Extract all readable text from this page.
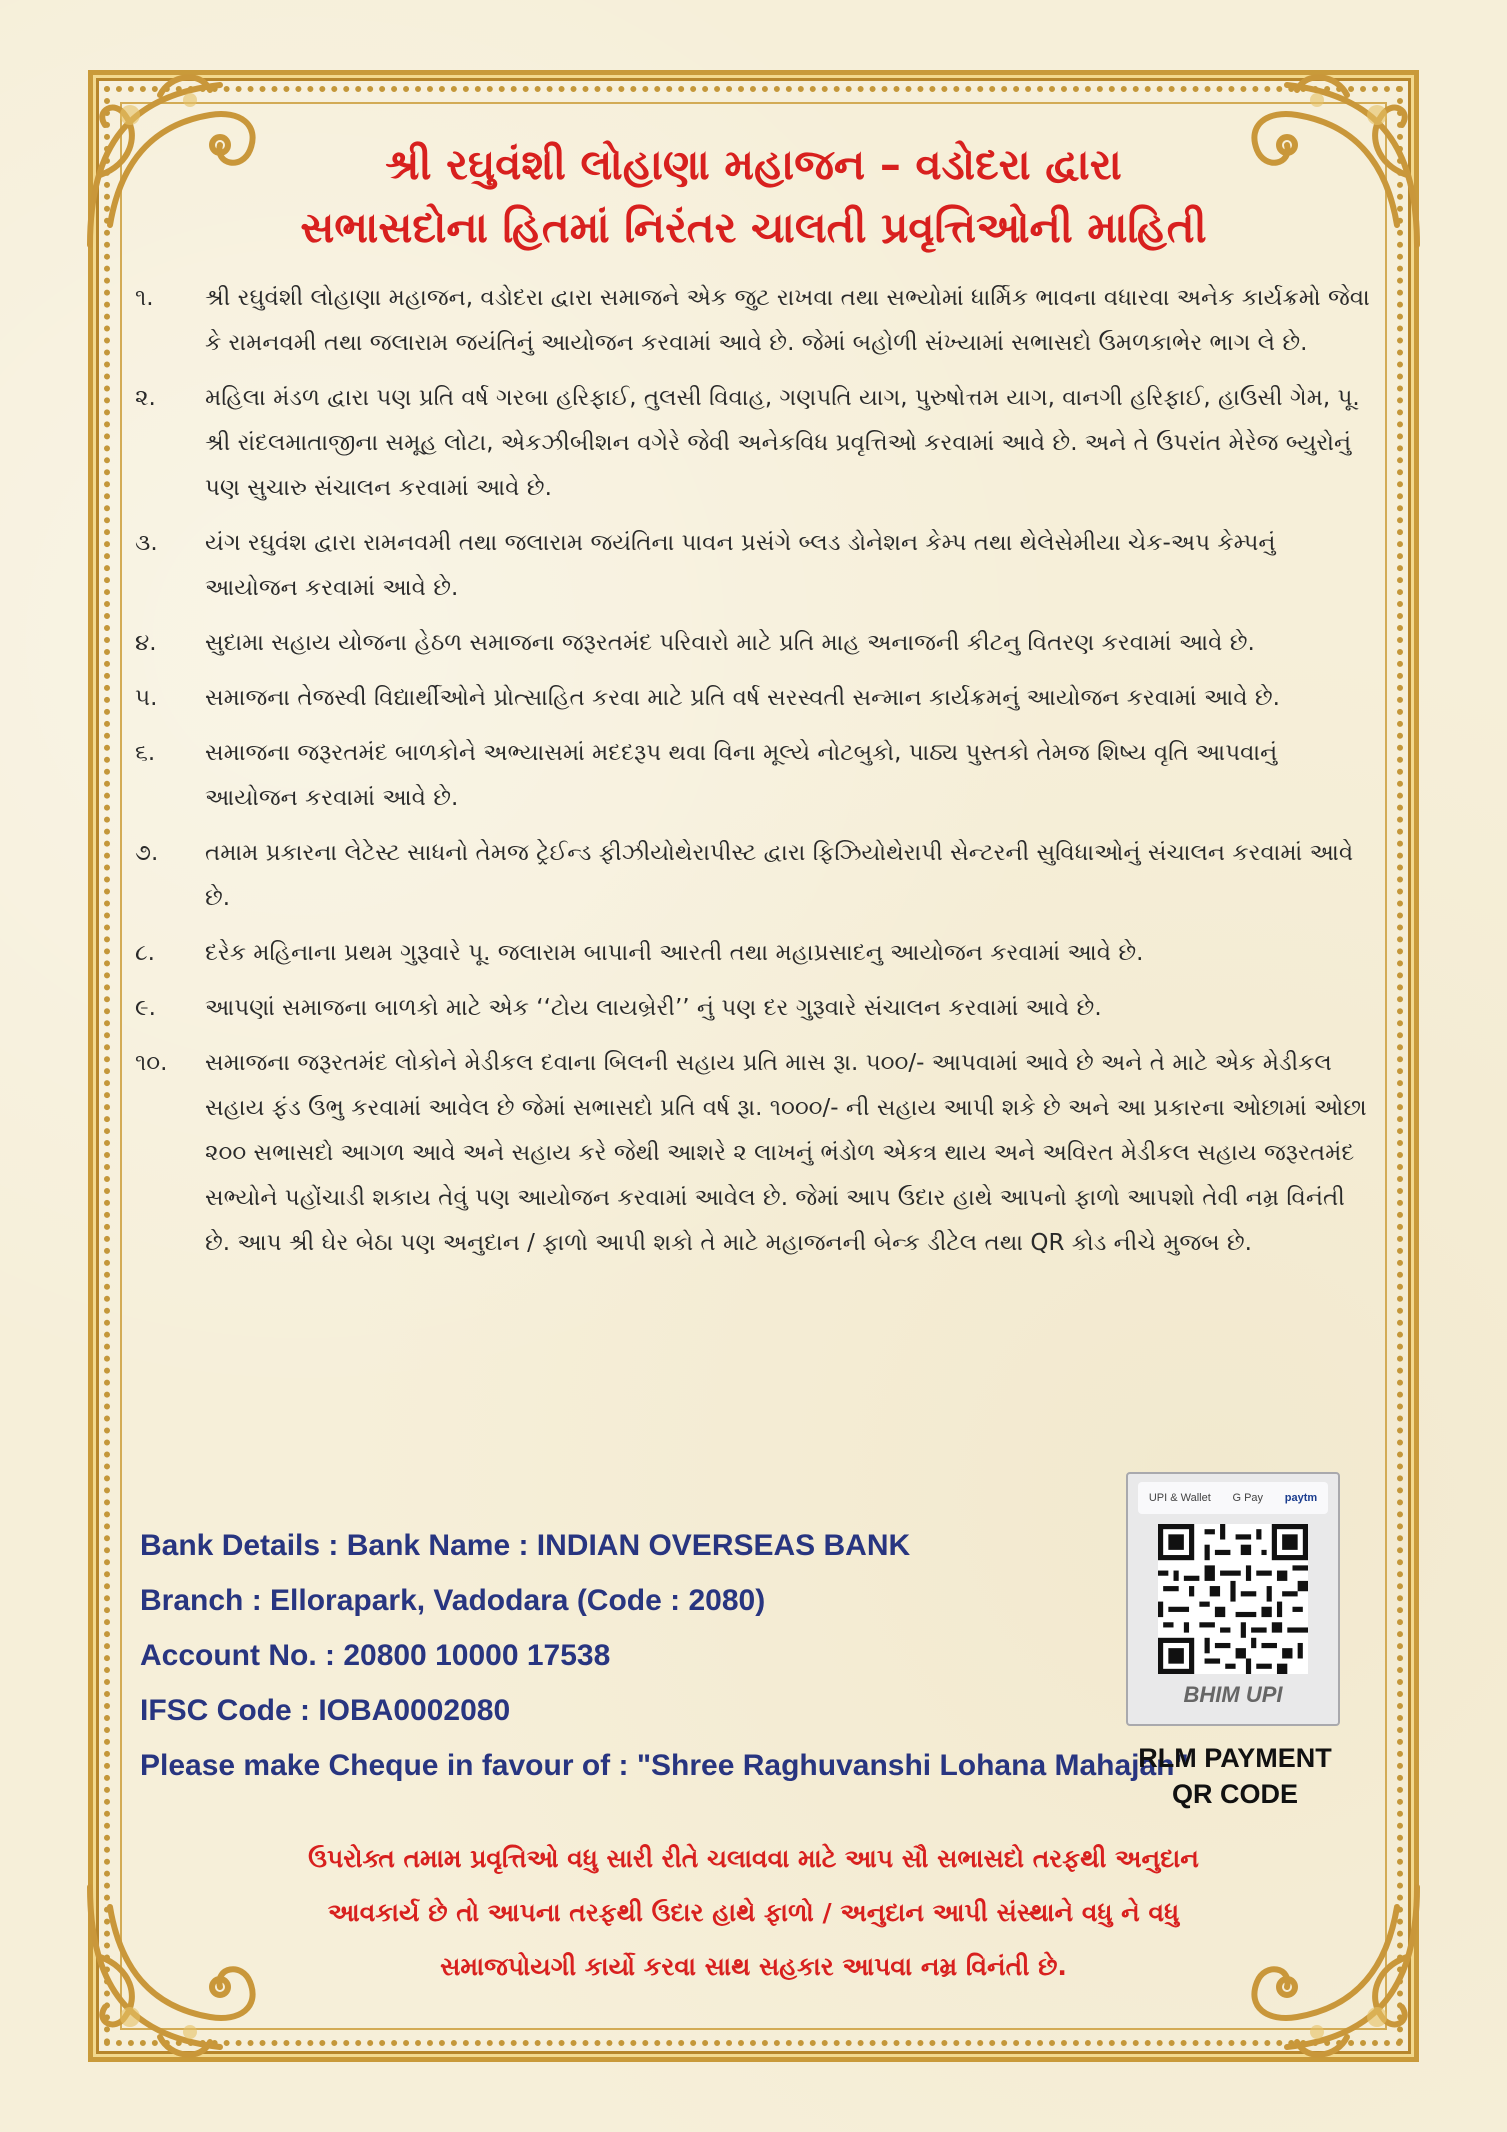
શ્રી રઘુવંશી લોહાણા મહાજન – વડોદરા દ્વારા
સભાસદોના હિતમાં નિરંતર ચાલતી પ્રવૃત્તિઓની માહિતી
૧.	શ્રી રઘુવંશી લોહાણા મહાજન, વડોદરા દ્વારા સમાજને એક જુટ રાખવા તથા સભ્યોમાં ધાર્મિક ભાવના વધારવા અનેક કાર્યક્રમો જેવા કે રામનવમી તથા જલારામ જયંતિનું આયોજન કરવામાં આવે છે. જેમાં બહોળી સંખ્યામાં સભાસદો ઉમળકાભેર ભાગ લે છે.
૨.	મહિલા મંડળ દ્વારા પણ પ્રતિ વર્ષ ગરબા હરિફાઈ, તુલસી વિવાહ, ગણપતિ યાગ, પુરુષોત્તમ યાગ, વાનગી હરિફાઈ, હાઉસી ગેમ, પૂ. શ્રી રાંદલમાતાજીના સમૂહ લોટા, એકઝીબીશન વગેરે જેવી અનેકવિધ પ્રવૃત્તિઓ કરવામાં આવે છે. અને તે ઉપરાંત મેરેજ બ્યુરોનું પણ સુચારુ સંચાલન કરવામાં આવે છે.
૩.	યંગ રઘુવંશ દ્વારા રામનવમી તથા જલારામ જયંતિના પાવન પ્રસંગે બ્લડ ડોનેશન કેમ્પ તથા થેલેસેમીયા ચેક-અપ કેમ્પનું આયોજન કરવામાં આવે છે.
૪.	સુદામા સહાય યોજના હેઠળ સમાજના જરૂરતમંદ પરિવારો માટે પ્રતિ માહ અનાજની કીટનુ વિતરણ કરવામાં આવે છે.
૫.	સમાજના તેજસ્વી વિદ્યાર્થીઓને પ્રોત્સાહિત કરવા માટે પ્રતિ વર્ષ સરસ્વતી સન્માન કાર્યક્રમનું આયોજન કરવામાં આવે છે.
૬.	સમાજના જરૂરતમંદ બાળકોને અભ્યાસમાં મદદરૂપ થવા વિના મૂલ્યે નોટબુકો, પાઠ્ય પુસ્તકો તેમજ શિષ્ય વૃતિ આપવાનું આયોજન કરવામાં આવે છે.
૭.	તમામ પ્રકારના લેટેસ્ટ સાધનો તેમજ ટ્રેઈન્ડ ફીઝીયોથેરાપીસ્ટ દ્વારા ફિઝિયોથેરાપી સેન્ટરની સુવિધાઓનું સંચાલન કરવામાં આવે છે.
૮.	દરેક મહિનાના પ્રથમ ગુરૂવારે પૂ. જલારામ બાપાની આરતી તથા મહાપ્રસાદનુ આયોજન કરવામાં આવે છે.
૯.	આપણાં સમાજના બાળકો માટે એક ‘‘ટોય લાયબ્રેરી’’ નું પણ દર ગુરૂવારે સંચાલન કરવામાં આવે છે.
૧૦.	સમાજના જરૂરતમંદ લોકોને મેડીકલ દવાના બિલની સહાય પ્રતિ માસ રૂા. ૫૦૦/- આપવામાં આવે છે અને તે માટે એક મેડીકલ સહાય ફંડ ઉભુ કરવામાં આવેલ છે જેમાં સભાસદો પ્રતિ વર્ષ રૂા. ૧૦૦૦/- ની સહાય આપી શકે છે અને આ પ્રકારના ઓછામાં ઓછા ૨૦૦ સભાસદો આગળ આવે અને સહાય કરે જેથી આશરે ૨ લાખનું ભંડોળ એકત્ર થાય અને અવિરત મેડીકલ સહાય જરૂરતમંદ સભ્યોને પહોંચાડી શકાય તેવું પણ આયોજન કરવામાં આવેલ છે. જેમાં આપ ઉદાર હાથે આપનો ફાળો આપશો તેવી નમ્ર વિનંતી છે. આપ શ્રી ઘેર બેઠા પણ અનુદાન / ફાળો આપી શકો તે માટે મહાજનની બેન્ક ડીટેલ તથા QR કોડ નીચે મુજબ છે.
Bank Details : Bank Name : INDIAN OVERSEAS BANK
Branch : Ellorapark, Vadodara (Code : 2080)
Account No. : 20800 10000 17538
IFSC Code : IOBA0002080
Please make Cheque in favour of : "Shree Raghuvanshi Lohana Mahajan"
UPI & Wallet G Pay paytm
BHIM UPI
RLM PAYMENT
QR CODE
ઉપરોક્ત તમામ પ્રવૃત્તિઓ વધુ સારી રીતે ચલાવવા માટે આપ સૌ સભાસદો તરફથી અનુદાન
આવકાર્ય છે તો આપના તરફથી ઉદાર હાથે ફાળો / અનુદાન આપી સંસ્થાને વધુ ને વધુ
સમાજપોયગી કાર્યો કરવા સાથ સહકાર આપવા નમ્ર વિનંતી છે.
